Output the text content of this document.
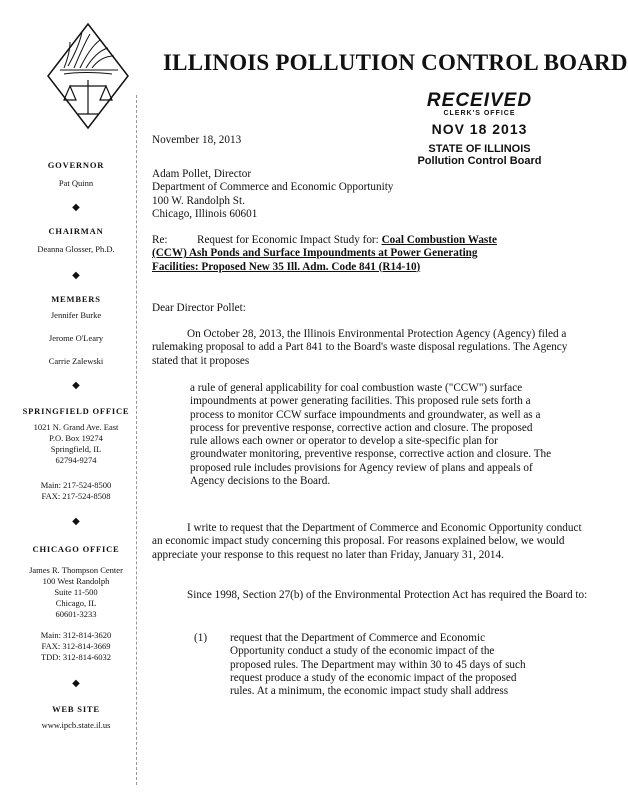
ILLINOIS POLLUTION CONTROL BOARD
RECEIVED
CLERK'S OFFICE
NOV 18 2013
STATE OF ILLINOIS
Pollution Control Board
GOVERNOR
Pat Quinn
◆
CHAIRMAN
Deanna Glosser, Ph.D.
◆
MEMBERS
Jennifer Burke
Jerome O'Leary
Carrie Zalewski
◆
SPRINGFIELD OFFICE
1021 N. Grand Ave. East
P.O. Box 19274
Springfield, IL
62794-9274
Main: 217-524-8500
FAX: 217-524-8508
◆
CHICAGO OFFICE
James R. Thompson Center
100 West Randolph
Suite 11-500
Chicago, IL
60601-3233
Main: 312-814-3620
FAX: 312-814-3669
TDD: 312-814-6032
◆
WEB SITE
www.ipcb.state.il.us
November 18, 2013

Adam Pollet, Director

Department of Commerce and Economic Opportunity

100 W. Randolph St.

Chicago, Illinois 60601

Re:	Request for Economic Impact Study for: Coal Combustion Waste
(CCW) Ash Ponds and Surface Impoundments at Power Generating
Facilities: Proposed New 35 Ill. Adm. Code 841 (R14-10)
Dear Director Pollet:
On October 28, 2013, the Illinois Environmental Protection Agency (Agency) filed a rulemaking proposal to add a Part 841 to the Board's waste disposal regulations. The Agency stated that it proposes
a rule of general applicability for coal combustion waste ("CCW") surface impoundments at power generating facilities. This proposed rule sets forth a process to monitor CCW surface impoundments and groundwater, as well as a process for preventive response, corrective action and closure. The proposed rule allows each owner or operator to develop a site-specific plan for groundwater monitoring, preventive response, corrective action and closure. The proposed rule includes provisions for Agency review of plans and appeals of Agency decisions to the Board.
I write to request that the Department of Commerce and Economic Opportunity conduct an economic impact study concerning this proposal. For reasons explained below, we would appreciate your response to this request no later than Friday, January 31, 2014.
Since 1998, Section 27(b) of the Environmental Protection Act has required the Board to:
(1)	request that the Department of Commerce and Economic Opportunity conduct a study of the economic impact of the proposed rules. The Department may within 30 to 45 days of such request produce a study of the economic impact of the proposed rules. At a minimum, the economic impact study shall address
